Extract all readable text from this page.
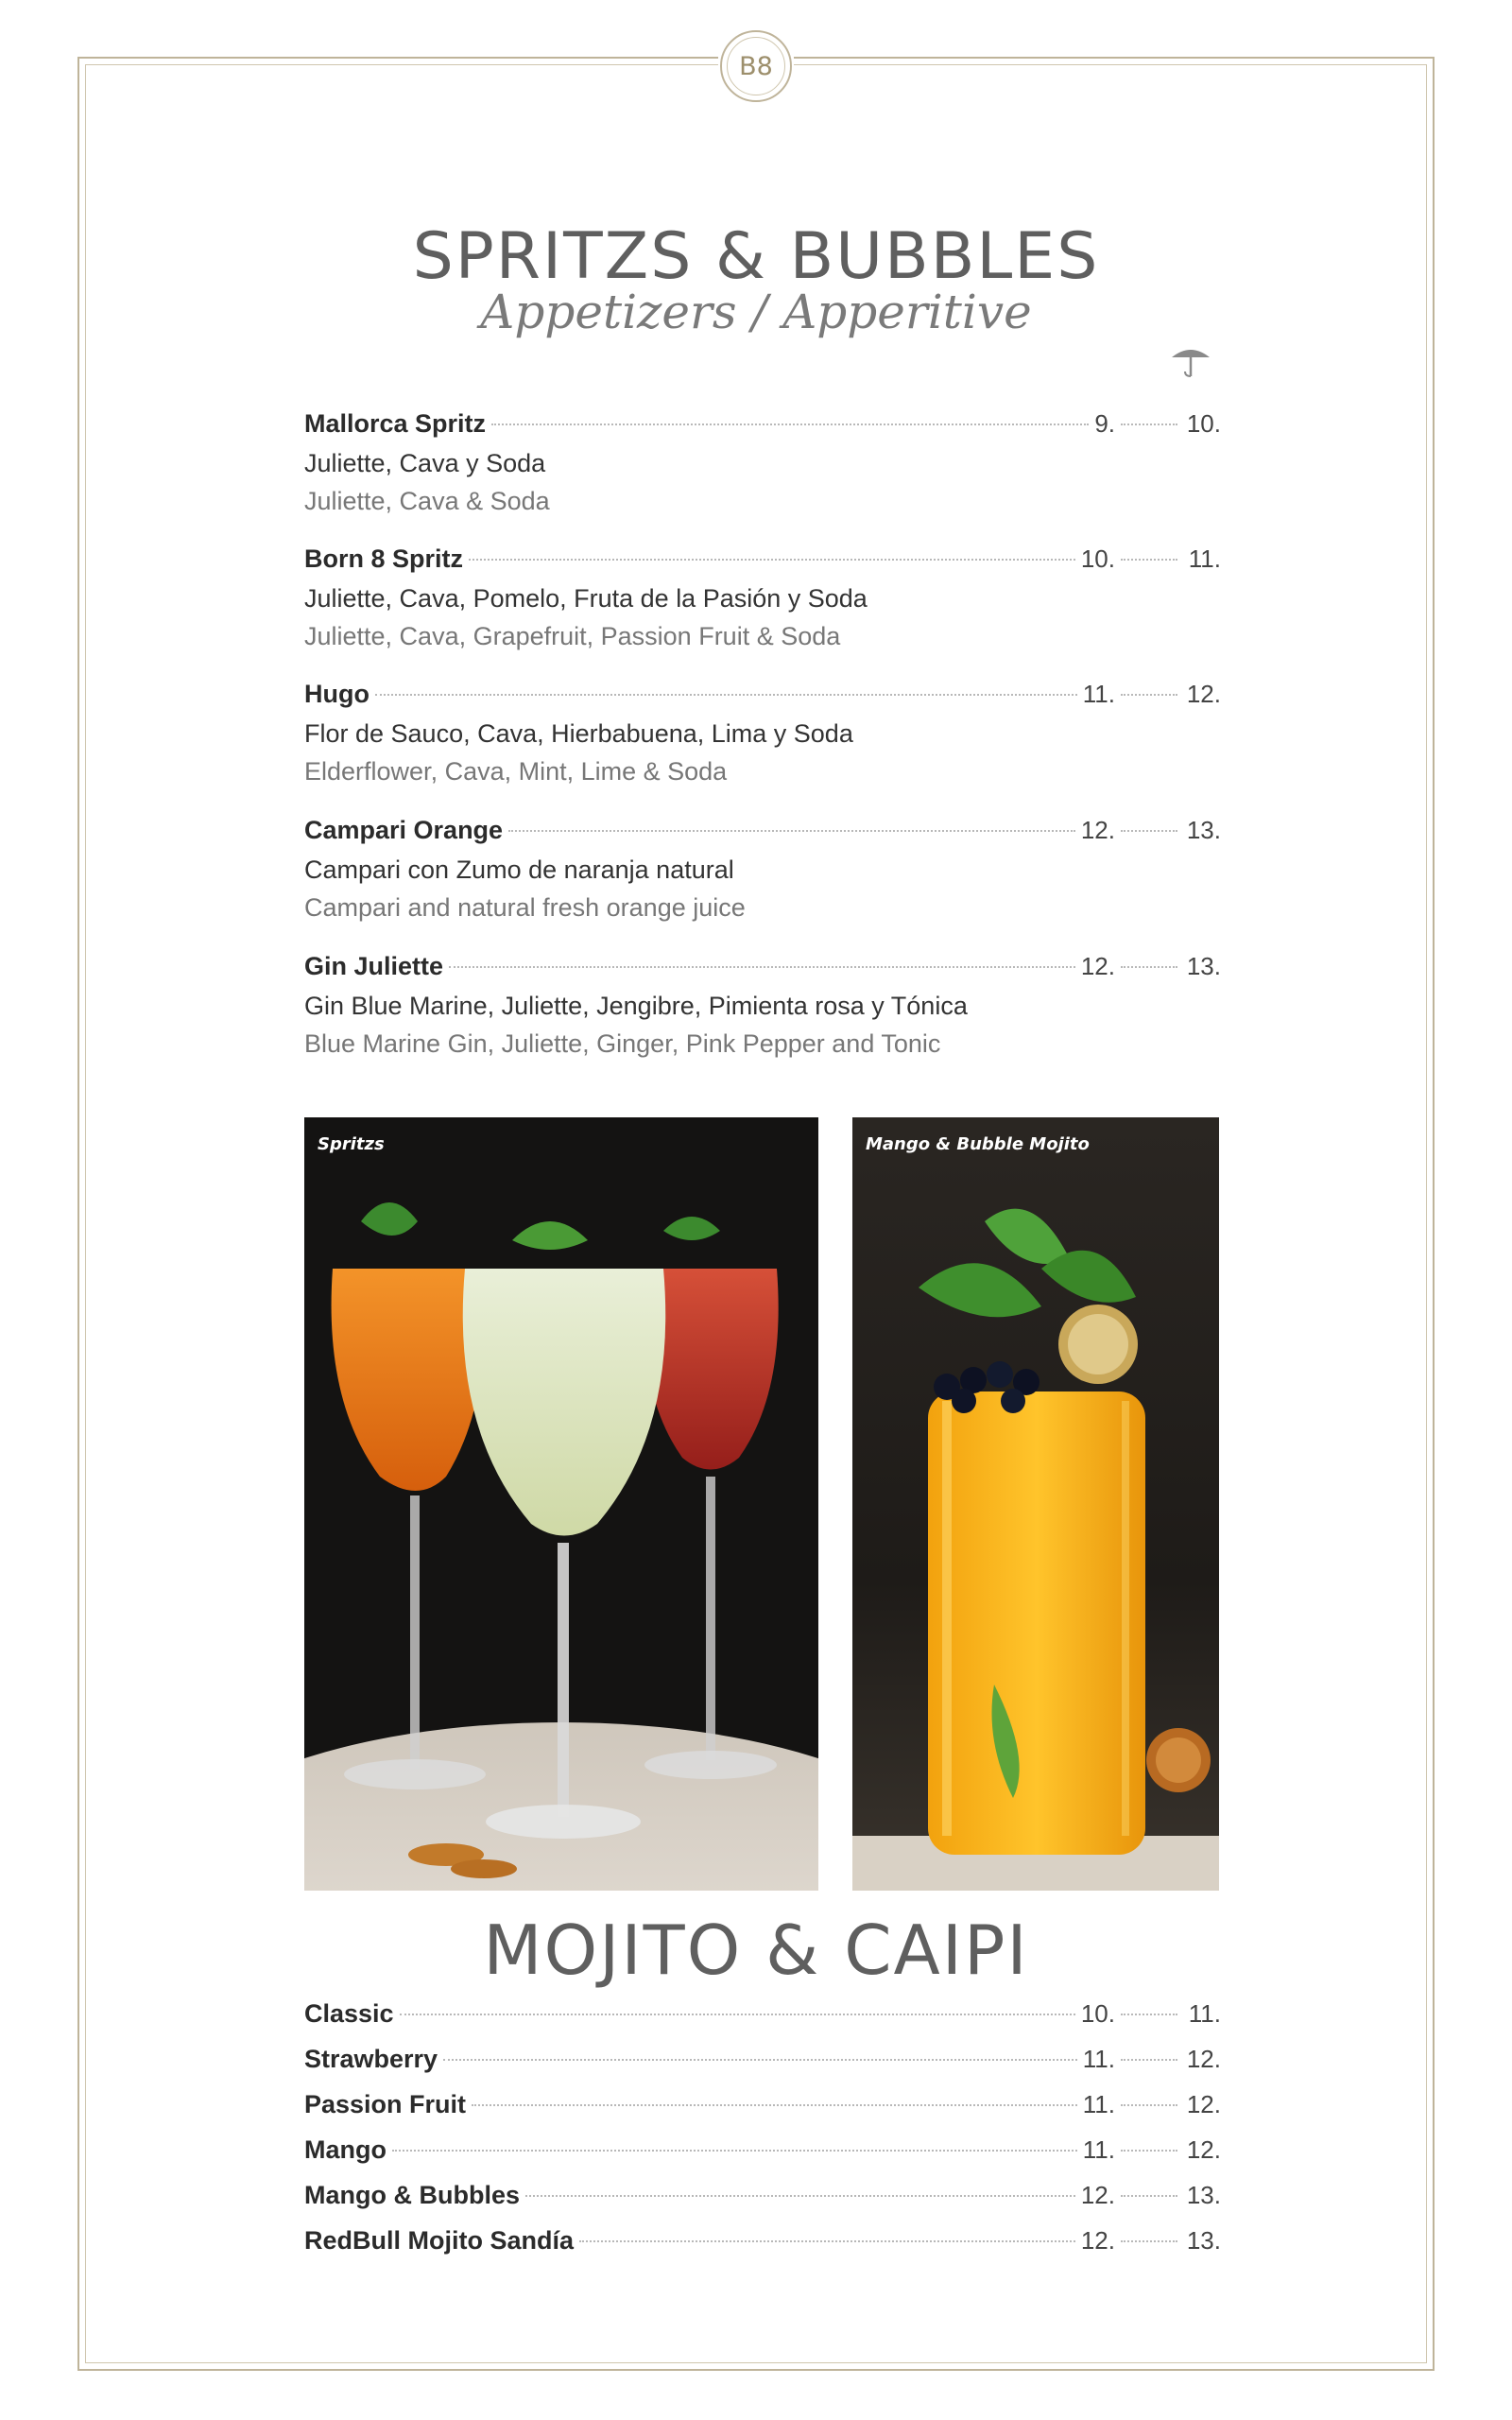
B8
SPRITZS & BUBBLES
Appetizers / Apperitive
Mallorca Spritz	9.	10.
Juliette, Cava y Soda
Juliette, Cava & Soda
Born 8 Spritz	10.	11.
Juliette, Cava, Pomelo, Fruta de la Pasión y Soda
Juliette, Cava, Grapefruit, Passion Fruit & Soda
Hugo	11.	12.
Flor de Sauco, Cava, Hierbabuena, Lima y Soda
Elderflower, Cava, Mint, Lime & Soda
Campari Orange	12.	13.
Campari con Zumo de naranja natural
Campari and natural fresh orange juice
Gin Juliette	12.	13.
Gin Blue Marine, Juliette, Jengibre, Pimienta rosa y Tónica
Blue Marine Gin, Juliette, Ginger, Pink Pepper and Tonic
Spritzs	Mango & Bubble Mojito
MOJITO & CAIPI
Classic	10.	11.
Strawberry	11.	12.
Passion Fruit	11.	12.
Mango	11.	12.
Mango & Bubbles	12.	13.
RedBull Mojito Sandía	12.	13.
